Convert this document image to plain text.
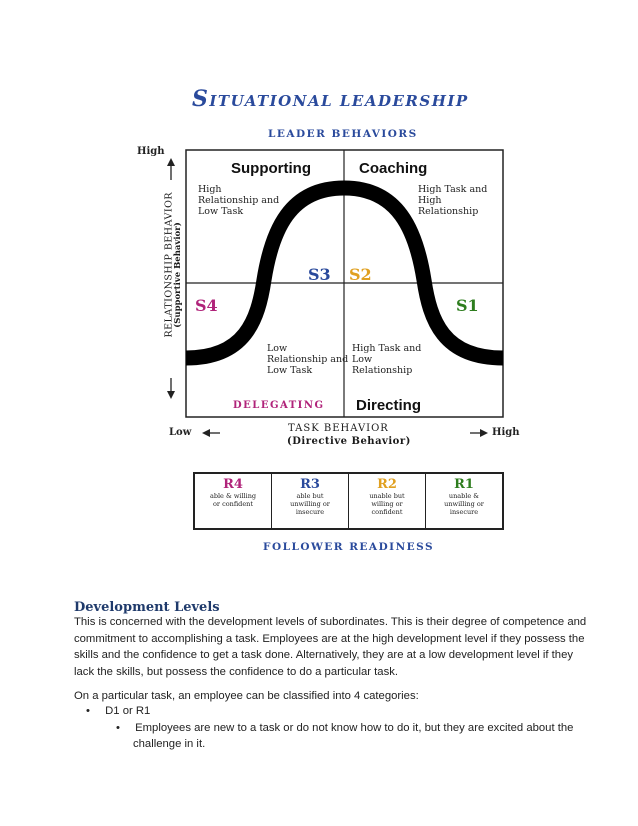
SITUATIONAL LEADERSHIP
LEADER BEHAVIORS
High
RELATIONSHIP BEHAVIOR
(Supportive Behavior)
Supporting	Coaching
High
Relationship and
Low Task
High Task and
High
Relationship
Low
Relationship and
Low Task
High Task and
Low
Relationship
S3 S2
S4	S1
DELEGATING Directing
Low	High
TASK BEHAVIOR
(Directive Behavior)
R4
able & willing
or confident
R3
able but
unwilling or
insecure
R2
unable but
willing or
confident
R1
unable &
unwilling or
insecure
FOLLOWER READINESS
Development Levels
This is concerned with the development levels of subordinates. This is their degree of competence and
commitment to accomplishing a task. Employees are at the high development level if they possess the
skills and the confidence to get a task done. Alternatively, they are at a low development level if they
lack the skills, but possess the confidence to do a particular task.
On a particular task, an employee can be classified into 4 categories:
• D1 or R1
• Employees are new to a task or do not know how to do it, but they are excited about the
challenge in it.
